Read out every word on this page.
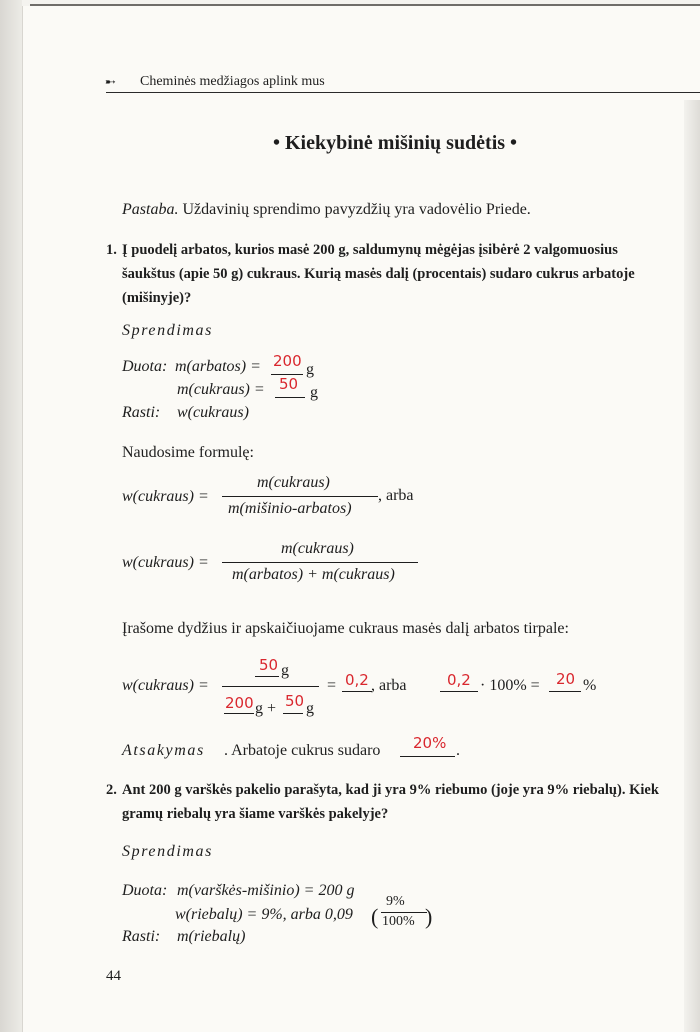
➸ Cheminės medžiagos aplink mus
• Kiekybinė mišinių sudėtis •
Pastaba. Uždavinių sprendimo pavyzdžių yra vadovėlio Priede.
1. Į puodelį arbatos, kurios masė 200 g, saldumynų mėgėjas įsibėrė 2 valgomuosius
šaukštus (apie 50 g) cukraus. Kurią masės dalį (procentais) sudaro cukrus arbatoje
(mišinyje)?
Sprendimas
Duota: m(arbatos) = 200 g
m(cukraus) = 50 g
Rasti: w(cukraus)
Naudosime formulę:
w(cukraus) =
m(cukraus)
m(mišinio-arbatos)
, arba
w(cukraus) =
m(cukraus)
m(arbatos) + m(cukraus)
Įrašome dydžius ir apskaičiuojame cukraus masės dalį arbatos tirpale:
w(cukraus) =
50 g
200 g + 50 g
= 0,2 , arba	0,2 · 100% = 20 %
Atsakymas . Arbatoje cukrus sudaro 20% .
2. Ant 200 g varškės pakelio parašyta, kad ji yra 9% riebumo (joje yra 9% riebalų). Kiek
gramų riebalų yra šiame varškės pakelyje?
Sprendimas
Duota: m(varškės-mišinio) = 200 g
w(riebalų) = 9%, arba 0,09 (
9%
100% )
Rasti: m(riebalų)
44
